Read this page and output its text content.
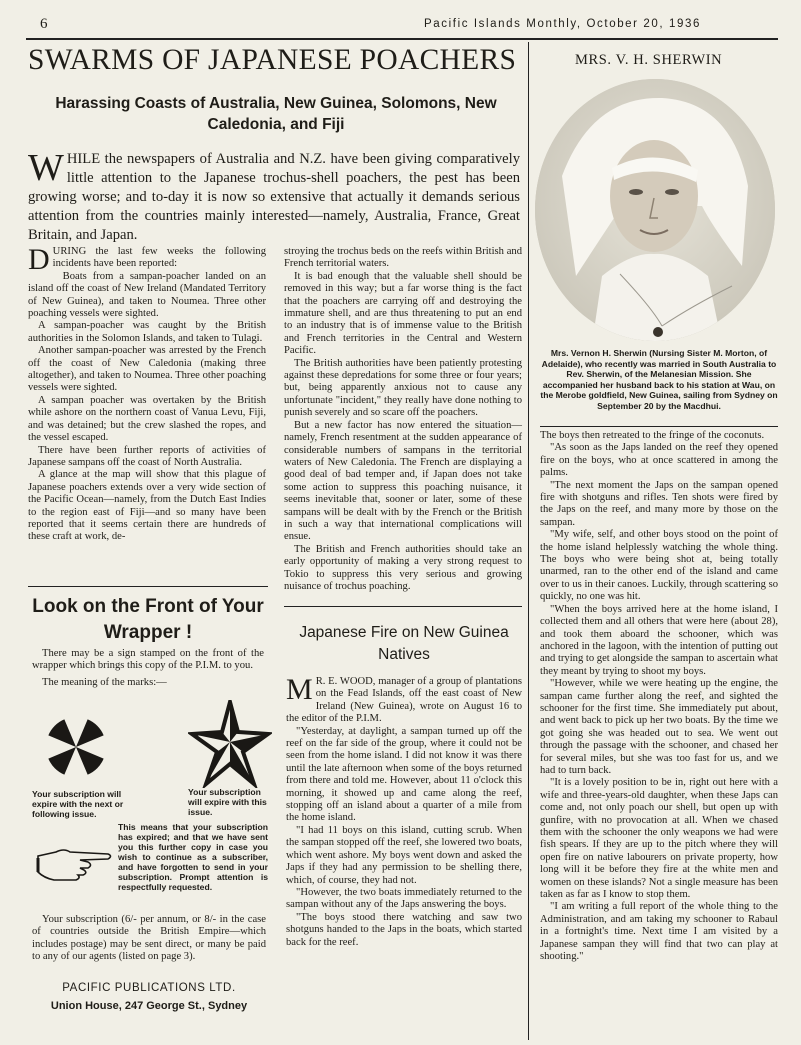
6	Pacific Islands Monthly, October 20, 1936
SWARMS OF JAPANESE POACHERS
Harassing Coasts of Australia, New Guinea, Solomons, New Caledonia, and Fiji
WHILE the newspapers of Australia and N.Z. have been giving comparatively little attention to the Japanese trochus-shell poachers, the pest has been growing worse; and to-day it is now so extensive that actually it demands serious attention from the countries mainly interested—namely, Australia, France, Great Britain, and Japan.

DURING the last few weeks the following incidents have been reported:

Boats from a sampan-poacher landed on an island off the coast of New Ireland (Mandated Territory of New Guinea), and taken to Noumea. Three other poaching vessels were sighted.

A sampan-poacher was caught by the British authorities in the Solomon Islands, and taken to Tulagi.

Another sampan-poacher was arrested by the French off the coast of New Caledonia (making three altogether), and taken to Noumea. Three other poaching vessels were sighted.

A sampan poacher was overtaken by the British while ashore on the northern coast of Vanua Levu, Fiji, and was detained; but the crew slashed the ropes, and the vessel escaped.

There have been further reports of activities of Japanese sampans off the coast of North Australia.

A glance at the map will show that this plague of Japanese poachers extends over a very wide section of the Pacific Ocean—namely, from the Dutch East Indies to the region east of Fiji—and so many have been reported that it seems certain there are hundreds of these craft at work, de-

stroying the trochus beds on the reefs within British and French territorial waters.

It is bad enough that the valuable shell should be removed in this way; but a far worse thing is the fact that the poachers are carrying off and destroying the immature shell, and are thus threatening to put an end to an industry that is of immense value to the British and French territories in the Central and Western Pacific.

The British authorities have been patiently protesting against these depredations for some three or four years; but, being apparently anxious not to cause any unfortunate "incident," they really have done nothing to punish severely and so scare off the poachers.

But a new factor has now entered the situation—namely, French resentment at the sudden appearance of considerable numbers of sampans in the territorial waters of New Caledonia. The French are displaying a good deal of bad temper and, if Japan does not take some action to suppress this poaching nuisance, it seems inevitable that, sooner or later, some of these sampans will be dealt with by the French or the British in such a way that international complications will ensue.

The British and French authorities should take an early opportunity of making a very strong request to Tokio to suppress this very serious and growing nuisance of trochus poaching.

Look on the Front of Your Wrapper !

There may be a sign stamped on the front of the wrapper which brings this copy of the P.I.M. to you.

The meaning of the marks:—

Your subscription will expire with the next or following issue.
Your subscription will expire with this issue.
This means that your subscription has expired; and that we have sent you this further copy in case you wish to continue as a subscriber, and have forgotten to send in your subscription. Prompt attention is respectfully requested.

Your subscription (6/- per annum, or 8/- in the case of countries outside the British Empire—which includes postage) may be sent direct, or many be paid to any of our agents (listed on page 3).

PACIFIC PUBLICATIONS LTD.
Union House, 247 George St., Sydney
Japanese Fire on New Guinea Natives

M R. E. WOOD, manager of a group of plantations on the Fead Islands, off the east coast of New Ireland (New Guinea), wrote on August 16 to the editor of the P.I.M.

"Yesterday, at daylight, a sampan turned up off the reef on the far side of the group, where it could not be seen from the home island. I did not know it was there until the late afternoon when some of the boys returned from there and told me. However, about 11 o'clock this morning, it showed up and came along the reef, stopping off an island about a quarter of a mile from the home island.

"I had 11 boys on this island, cutting scrub. When the sampan stopped off the reef, she lowered two boats, which went ashore. My boys went down and asked the Japs if they had any permission to be shelling there, which, of course, they had not.

"However, the two boats immediately returned to the sampan without any of the Japs answering the boys.

"The boys stood there watching and saw two shotguns handed to the Japs in the boats, which started back for the reef.

MRS. V. H. SHERWIN
Mrs. Vernon H. Sherwin (Nursing Sister M. Morton, of Adelaide), who recently was married in South Australia to Rev. Sherwin, of the Melanesian Mission. She accompanied her husband back to his station at Wau, on the Merobe goldfield, New Guinea, sailing from Sydney on September 20 by the Macdhui.

The boys then retreated to the fringe of the coconuts.

"As soon as the Japs landed on the reef they opened fire on the boys, who at once scattered in among the palms.

"The next moment the Japs on the sampan opened fire with shotguns and rifles. Ten shots were fired by the Japs on the reef, and many more by those on the sampan.

"My wife, self, and other boys stood on the point of the home island helplessly watching the whole thing. The boys who were being shot at, being totally unarmed, ran to the other end of the island and came over to us in their canoes. Luckily, through scattering so quickly, no one was hit.

"When the boys arrived here at the home island, I collected them and all others that were here (about 28), and took them aboard the schooner, which was anchored in the lagoon, with the intention of putting out and trying to get alongside the sampan to ascertain what they meant by trying to shoot my boys.

"However, while we were heating up the engine, the sampan came further along the reef, and sighted the schooner for the first time. She immediately put about, and went back to pick up her two boats. By the time we got going she was headed out to sea. We went out through the passage with the schooner, and chased her for several miles, but she was too fast for us, and we had to turn back.

"It is a lovely position to be in, right out here with a wife and three-years-old daughter, when these Japs can come and, not only poach our shell, but open up with gunfire, with no provocation at all. When we chased them with the schooner the only weapons we had were fish spears. If they are up to the pitch where they will open fire on native labourers on private property, how long will it be before they fire at the white men and women on these islands? Not a single measure has been taken as far as I know to stop them.

"I am writing a full report of the whole thing to the Administration, and am taking my schooner to Rabaul in a fortnight's time. Next time I am visited by a Japanese sampan they will find that two can play at shooting."
